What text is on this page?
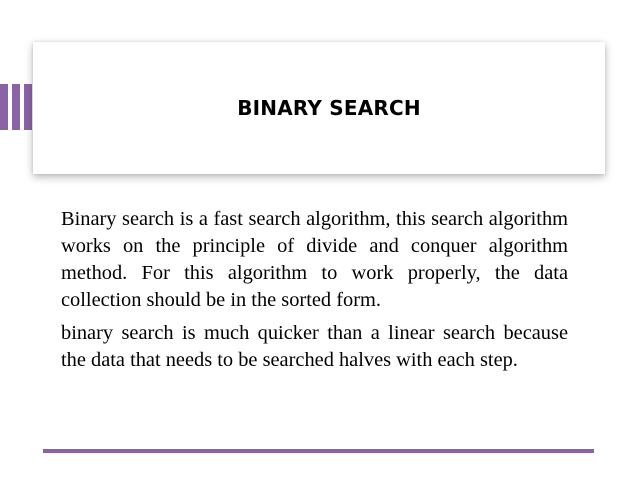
BINARY SEARCH

Binary search is a fast search algorithm, this search algorithm works on the principle of divide and conquer algorithm method. For this algorithm to work properly, the data collection should be in the sorted form.

binary search is much quicker than a linear search because the data that needs to be searched halves with each step.
